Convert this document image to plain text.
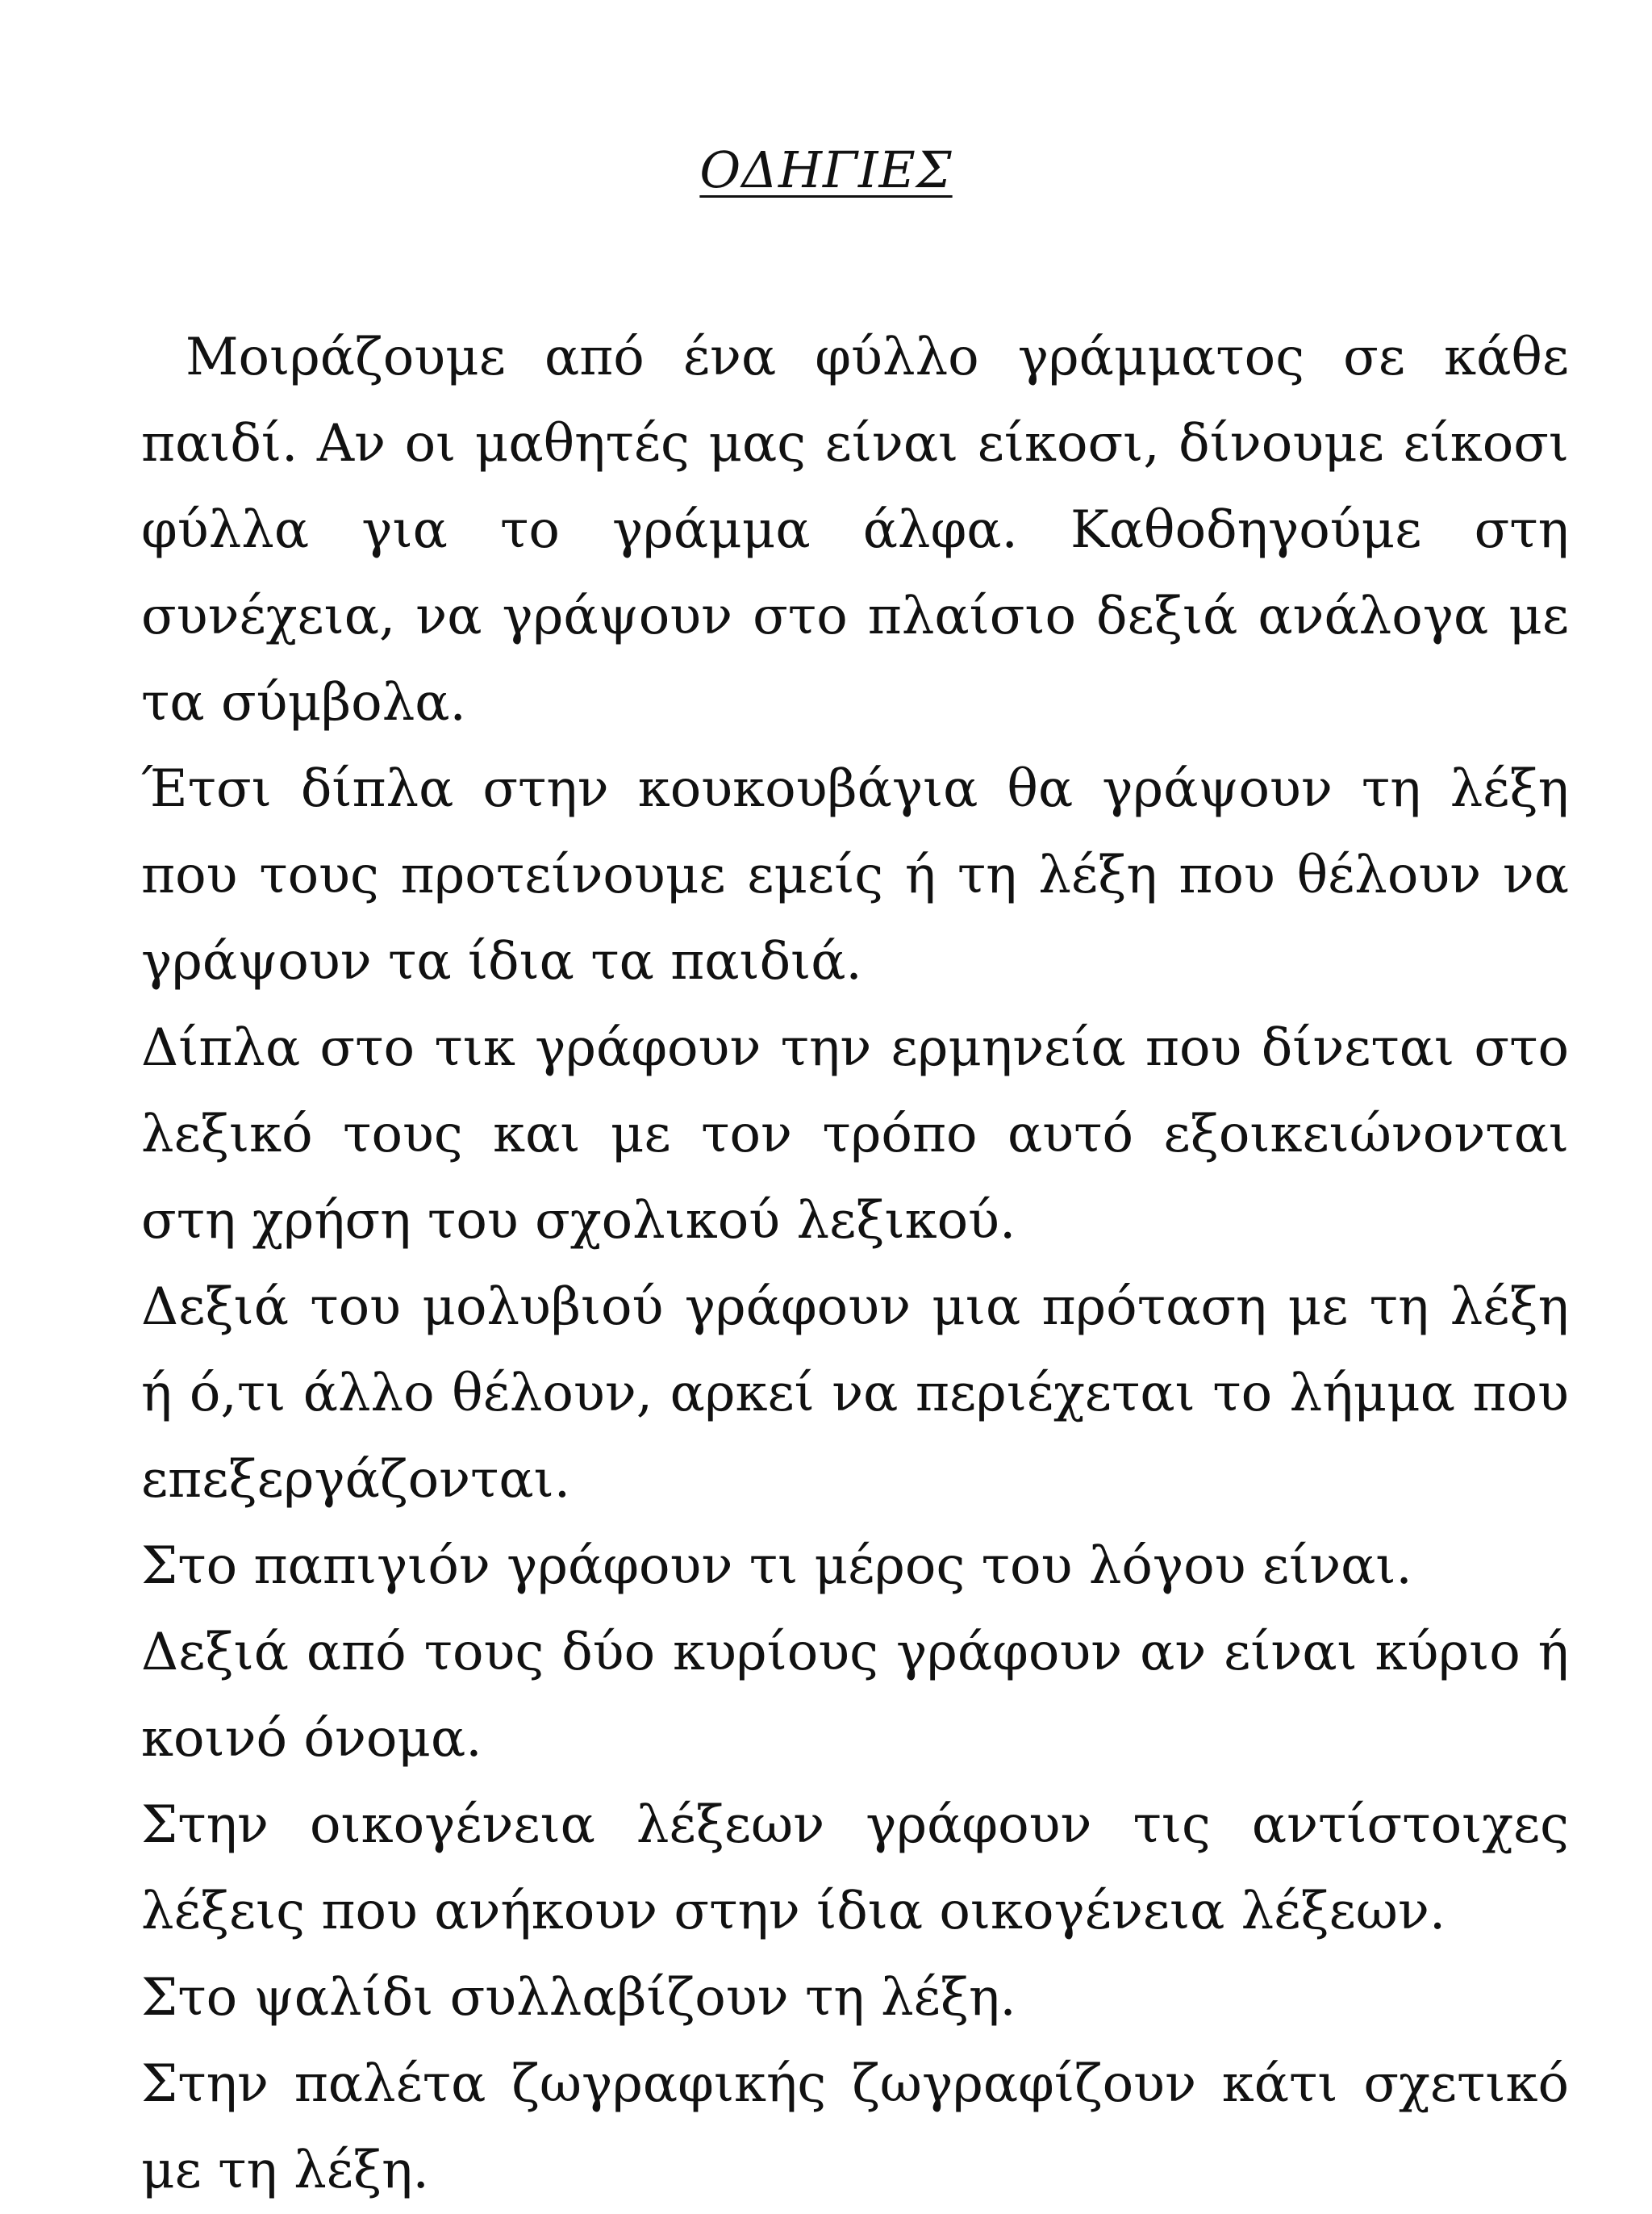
ΟΔΗΓΙΕΣ

Μοιράζουμε από ένα φύλλο γράμματος σε κάθε παιδί. Αν οι μαθητές μας είναι είκοσι, δίνουμε είκοσι φύλλα για το γράμμα άλφα. Καθοδηγούμε στη συνέχεια, να γράψουν στο πλαίσιο δεξιά ανάλογα με τα σύμβολα.

Έτσι δίπλα στην κουκουβάγια θα γράψουν τη λέξη που τους προτείνουμε εμείς ή τη λέξη που θέλουν να γράψουν τα ίδια τα παιδιά.

Δίπλα στο τικ γράφουν την ερμηνεία που δίνεται στο λεξικό τους και με τον τρόπο αυτό εξοικειώνονται στη χρήση του σχολικού λεξικού.

Δεξιά του μολυβιού γράφουν μια πρόταση με τη λέξη ή ό,τι άλλο θέλουν, αρκεί να περιέχεται το λήμμα που επεξεργάζονται.

Στο παπιγιόν γράφουν τι μέρος του λόγου είναι.

Δεξιά από τους δύο κυρίους γράφουν αν είναι κύριο ή κοινό όνομα.

Στην οικογένεια λέξεων γράφουν τις αντίστοιχες λέξεις που ανήκουν στην ίδια οικογένεια λέξεων.

Στο ψαλίδι συλλαβίζουν τη λέξη.

Στην παλέτα ζωγραφικής ζωγραφίζουν κάτι σχετικό με τη λέξη.
